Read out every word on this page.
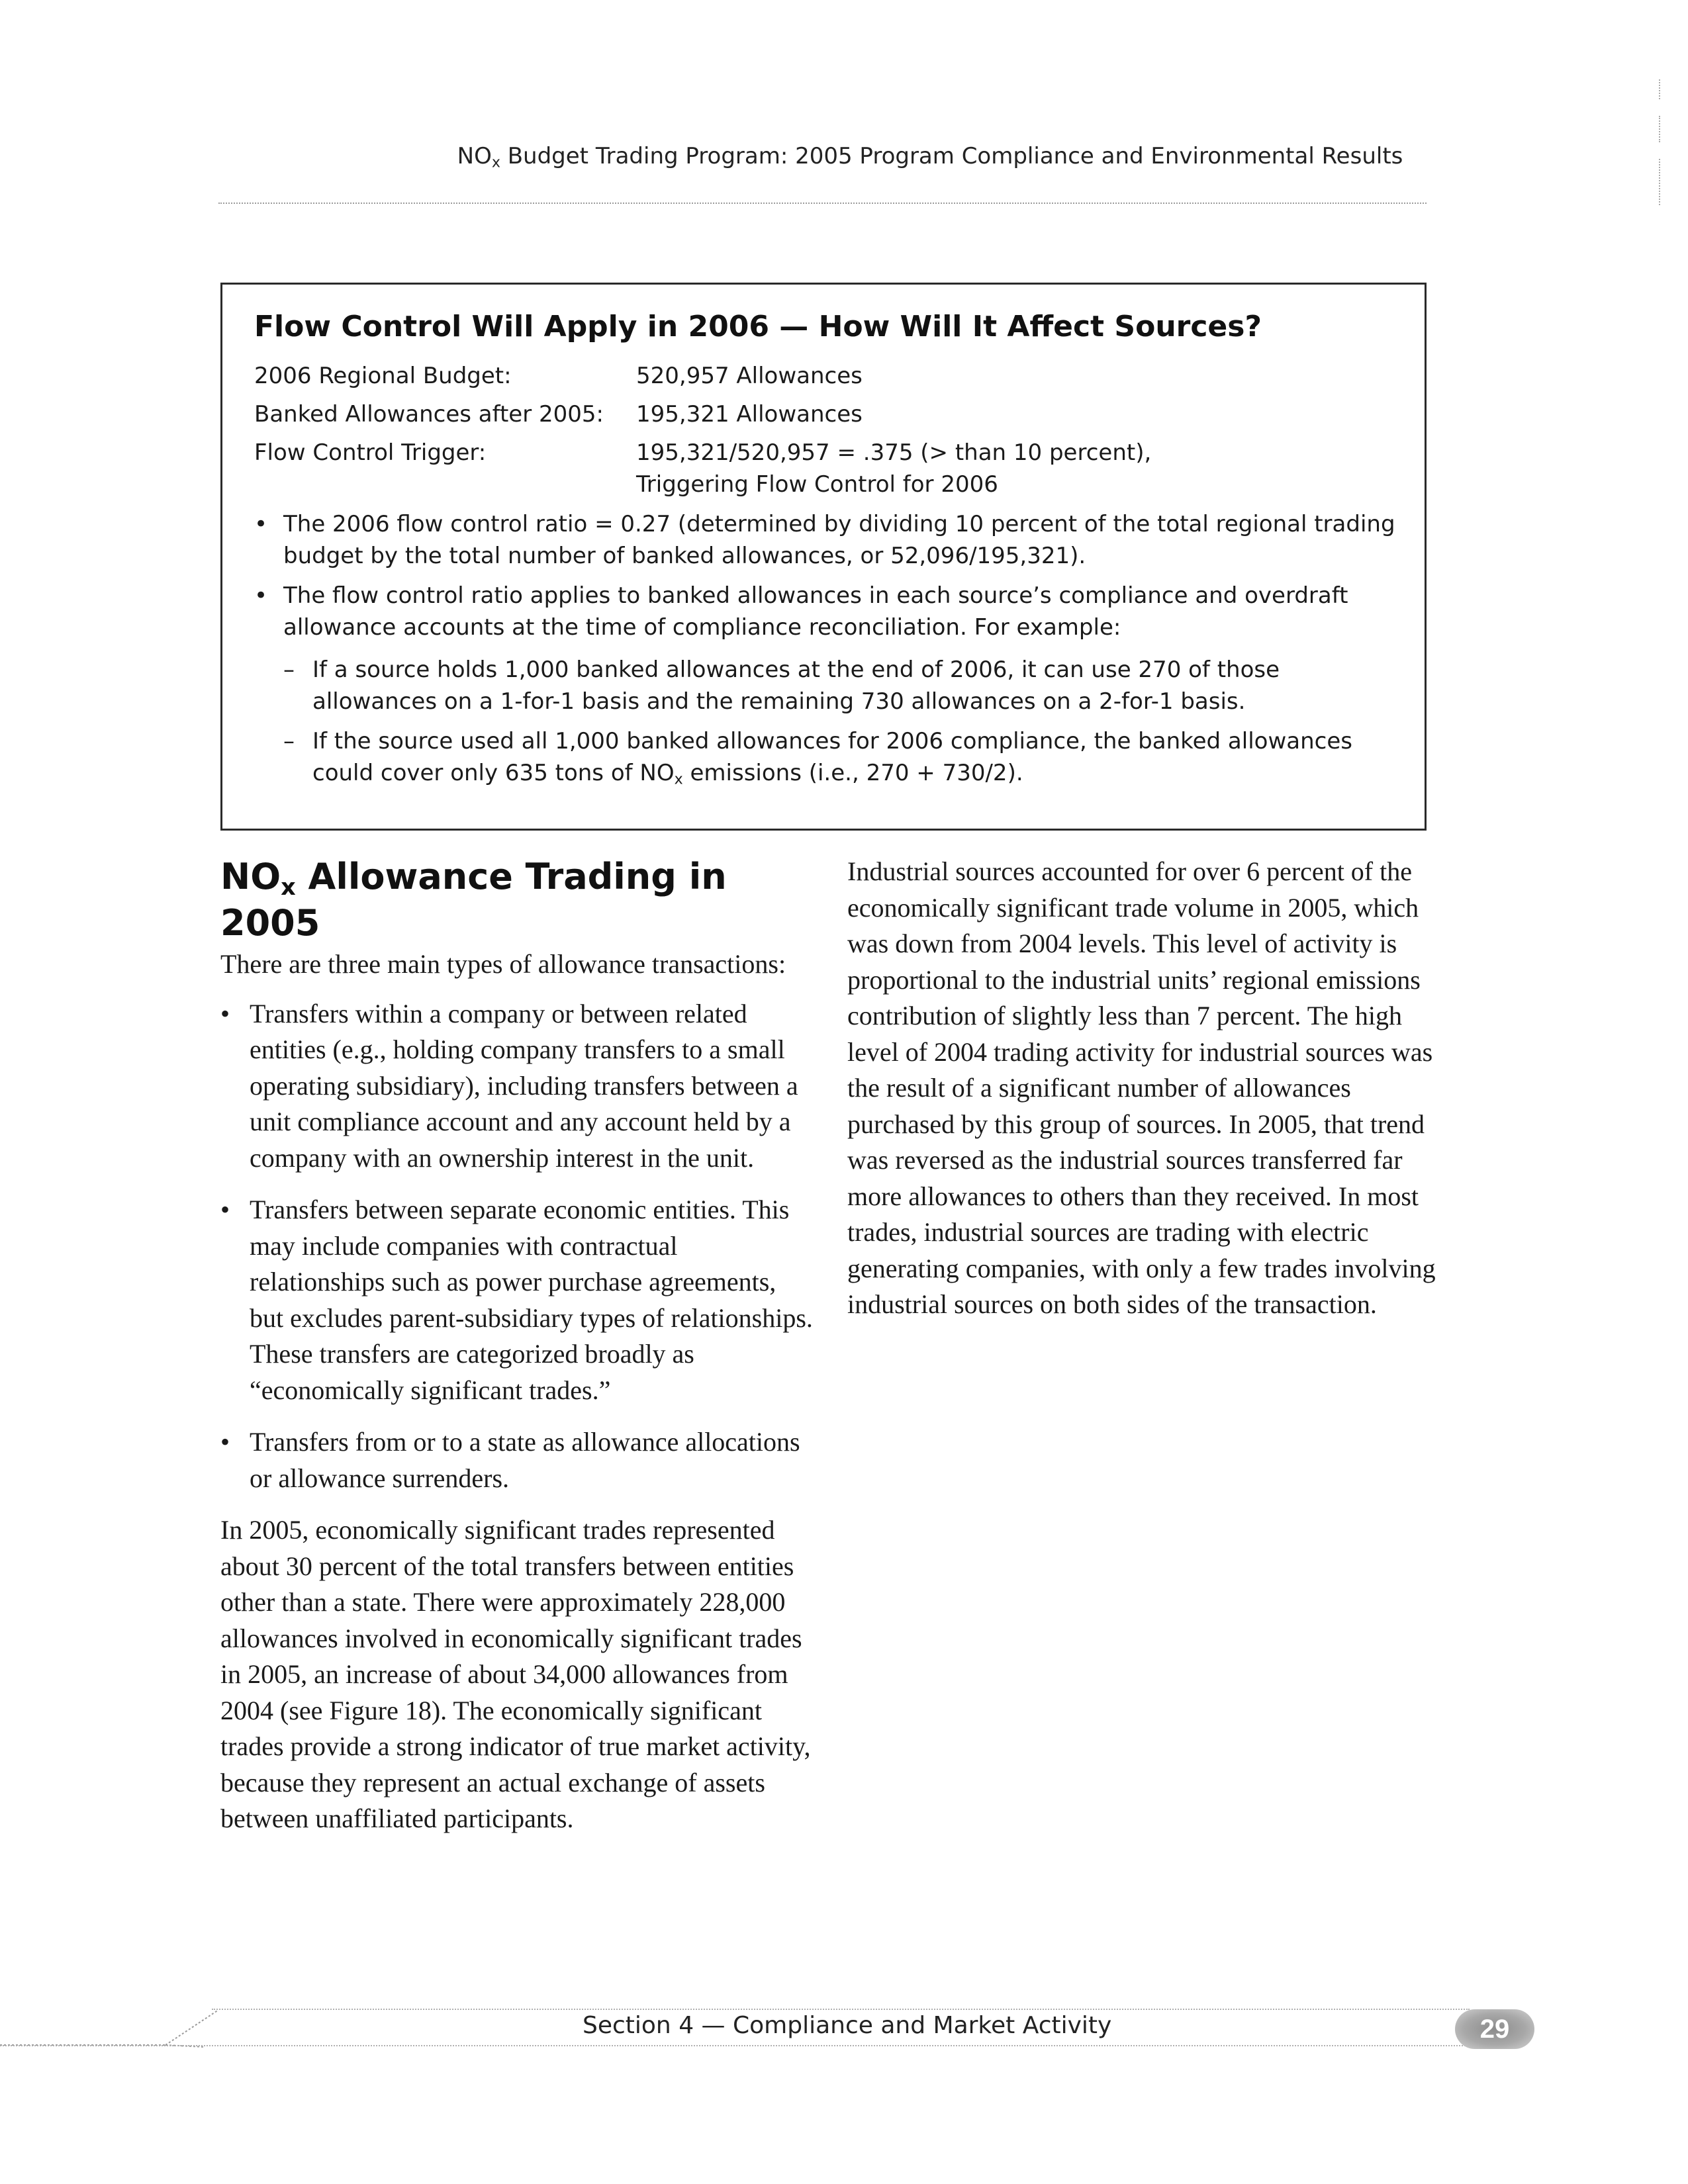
$NO_x$ Budget Trading Program: 2005 Program Compliance and Environmental Results
Flow Control Will Apply in 2006 — How Will It Affect Sources?
2006 Regional Budget:	520,957 Allowances
Banked Allowances after 2005: 195,321 Allowances
Flow Control Trigger:	195,321/520,957 = .375 (> than 10 percent),
Triggering Flow Control for 2006
• The 2006 flow control ratio = 0.27 (determined by dividing 10 percent of the total regional trading budget by the total number of banked allowances, or 52,096/195,321).
• The flow control ratio applies to banked allowances in each source’s compliance and overdraft allowance accounts at the time of compliance reconciliation. For example:
– If a source holds 1,000 banked allowances at the end of 2006, it can use 270 of those allowances on a 1-for-1 basis and the remaining 730 allowances on a 2-for-1 basis.
– If the source used all 1,000 banked allowances for 2006 compliance, the banked allowances could cover only 635 tons of $NO_x$ emissions (i.e., 270 + 730/2).
$NO_x$ Allowance Trading in 2005

There are three main types of allowance transactions:

• Transfers within a company or between related entities (e.g., holding company transfers to a small operating subsidiary), including transfers between a unit compliance account and any account held by a company with an ownership interest in the unit.
• Transfers between separate economic entities. This may include companies with contractual relationships such as power purchase agreements, but excludes parent-subsidiary types of relationships. These transfers are categorized broadly as “economically significant trades.”
• Transfers from or to a state as allowance allocations or allowance surrenders.

In 2005, economically significant trades represented about 30 percent of the total transfers between entities other than a state. There were approximately 228,000 allowances involved in economically significant trades in 2005, an increase of about 34,000 allowances from 2004 (see Figure 18). The economically significant trades provide a strong indicator of true market activity, because they represent an actual exchange of assets between unaffiliated participants.

Industrial sources accounted for over 6 percent of the economically significant trade volume in 2005, which was down from 2004 levels. This level of activity is proportional to the industrial units’ regional emissions contribution of slightly less than 7 percent. The high level of 2004 trading activity for industrial sources was the result of a significant number of allowances purchased by this group of sources. In 2005, that trend was reversed as the industrial sources transferred far more allowances to others than they received. In most trades, industrial sources are trading with electric generating companies, with only a few trades involving industrial sources on both sides of the transaction.

Section 4 — Compliance and Market Activity	29
